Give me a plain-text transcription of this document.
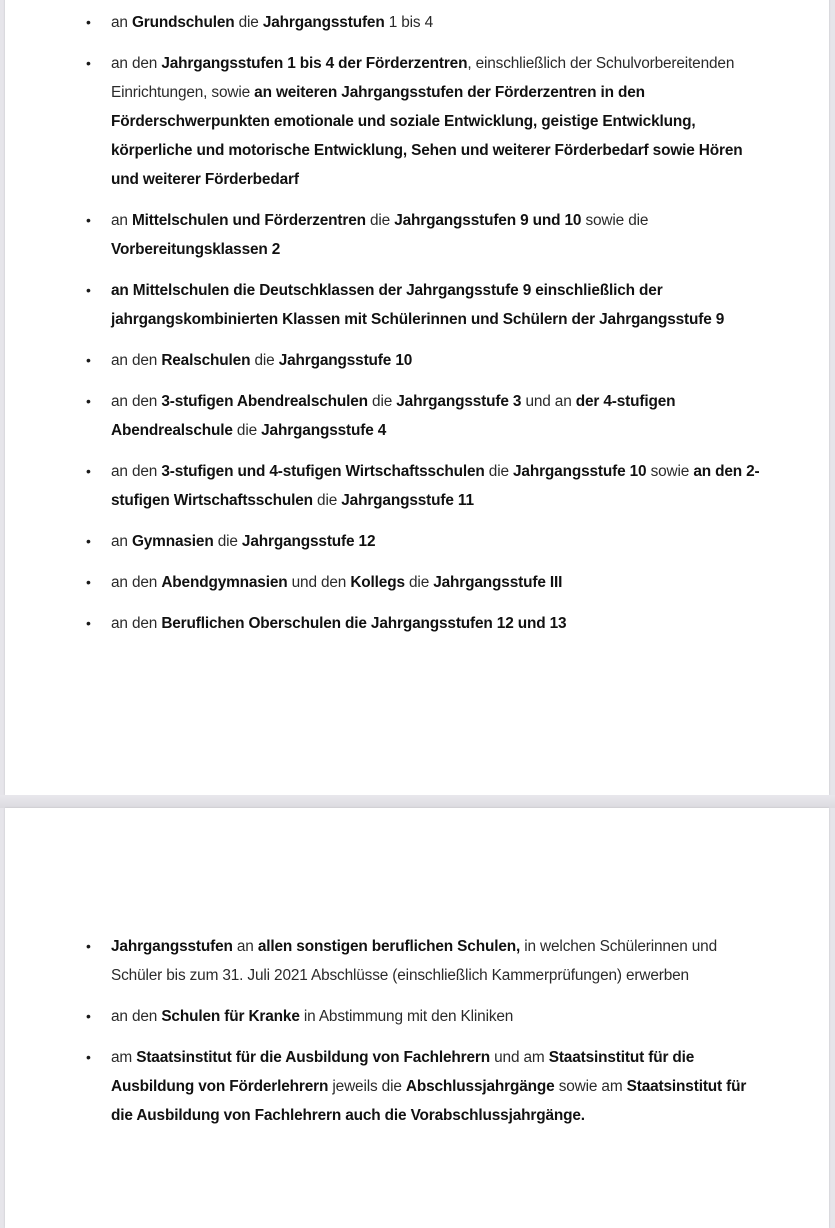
• an Grundschulen die Jahrgangsstufen 1 bis 4
• an den Jahrgangsstufen 1 bis 4 der Förderzentren, einschließlich der Schulvorbereitenden Einrichtungen, sowie an weiteren Jahrgangsstufen der Förderzentren in den Förderschwerpunkten emotionale und soziale Entwicklung, geistige Entwicklung, körperliche und motorische Entwicklung, Sehen und weiterer Förderbedarf sowie Hören und weiterer Förderbedarf
• an Mittelschulen und Förderzentren die Jahrgangsstufen 9 und 10 sowie die Vorbereitungsklassen 2
• an Mittelschulen die Deutschklassen der Jahrgangsstufe 9 einschließlich der jahrgangskombinierten Klassen mit Schülerinnen und Schülern der Jahrgangsstufe 9
• an den Realschulen die Jahrgangsstufe 10
• an den 3-stufigen Abendrealschulen die Jahrgangsstufe 3 und an der 4-stufigen Abendrealschule die Jahrgangsstufe 4
• an den 3-stufigen und 4-stufigen Wirtschaftsschulen die Jahrgangsstufe 10 sowie an den 2-stufigen Wirtschaftsschulen die Jahrgangsstufe 11
• an Gymnasien die Jahrgangsstufe 12
• an den Abendgymnasien und den Kollegs die Jahrgangsstufe III
• an den Beruflichen Oberschulen die Jahrgangsstufen 12 und 13
• Jahrgangsstufen an allen sonstigen beruflichen Schulen, in welchen Schülerinnen und Schüler bis zum 31. Juli 2021 Abschlüsse (einschließlich Kammerprüfungen) erwerben
• an den Schulen für Kranke in Abstimmung mit den Kliniken
• am Staatsinstitut für die Ausbildung von Fachlehrern und am Staatsinstitut für die Ausbildung von Förderlehrern jeweils die Abschlussjahrgänge sowie am Staatsinstitut für die Ausbildung von Fachlehrern auch die Vorabschlussjahrgänge.
